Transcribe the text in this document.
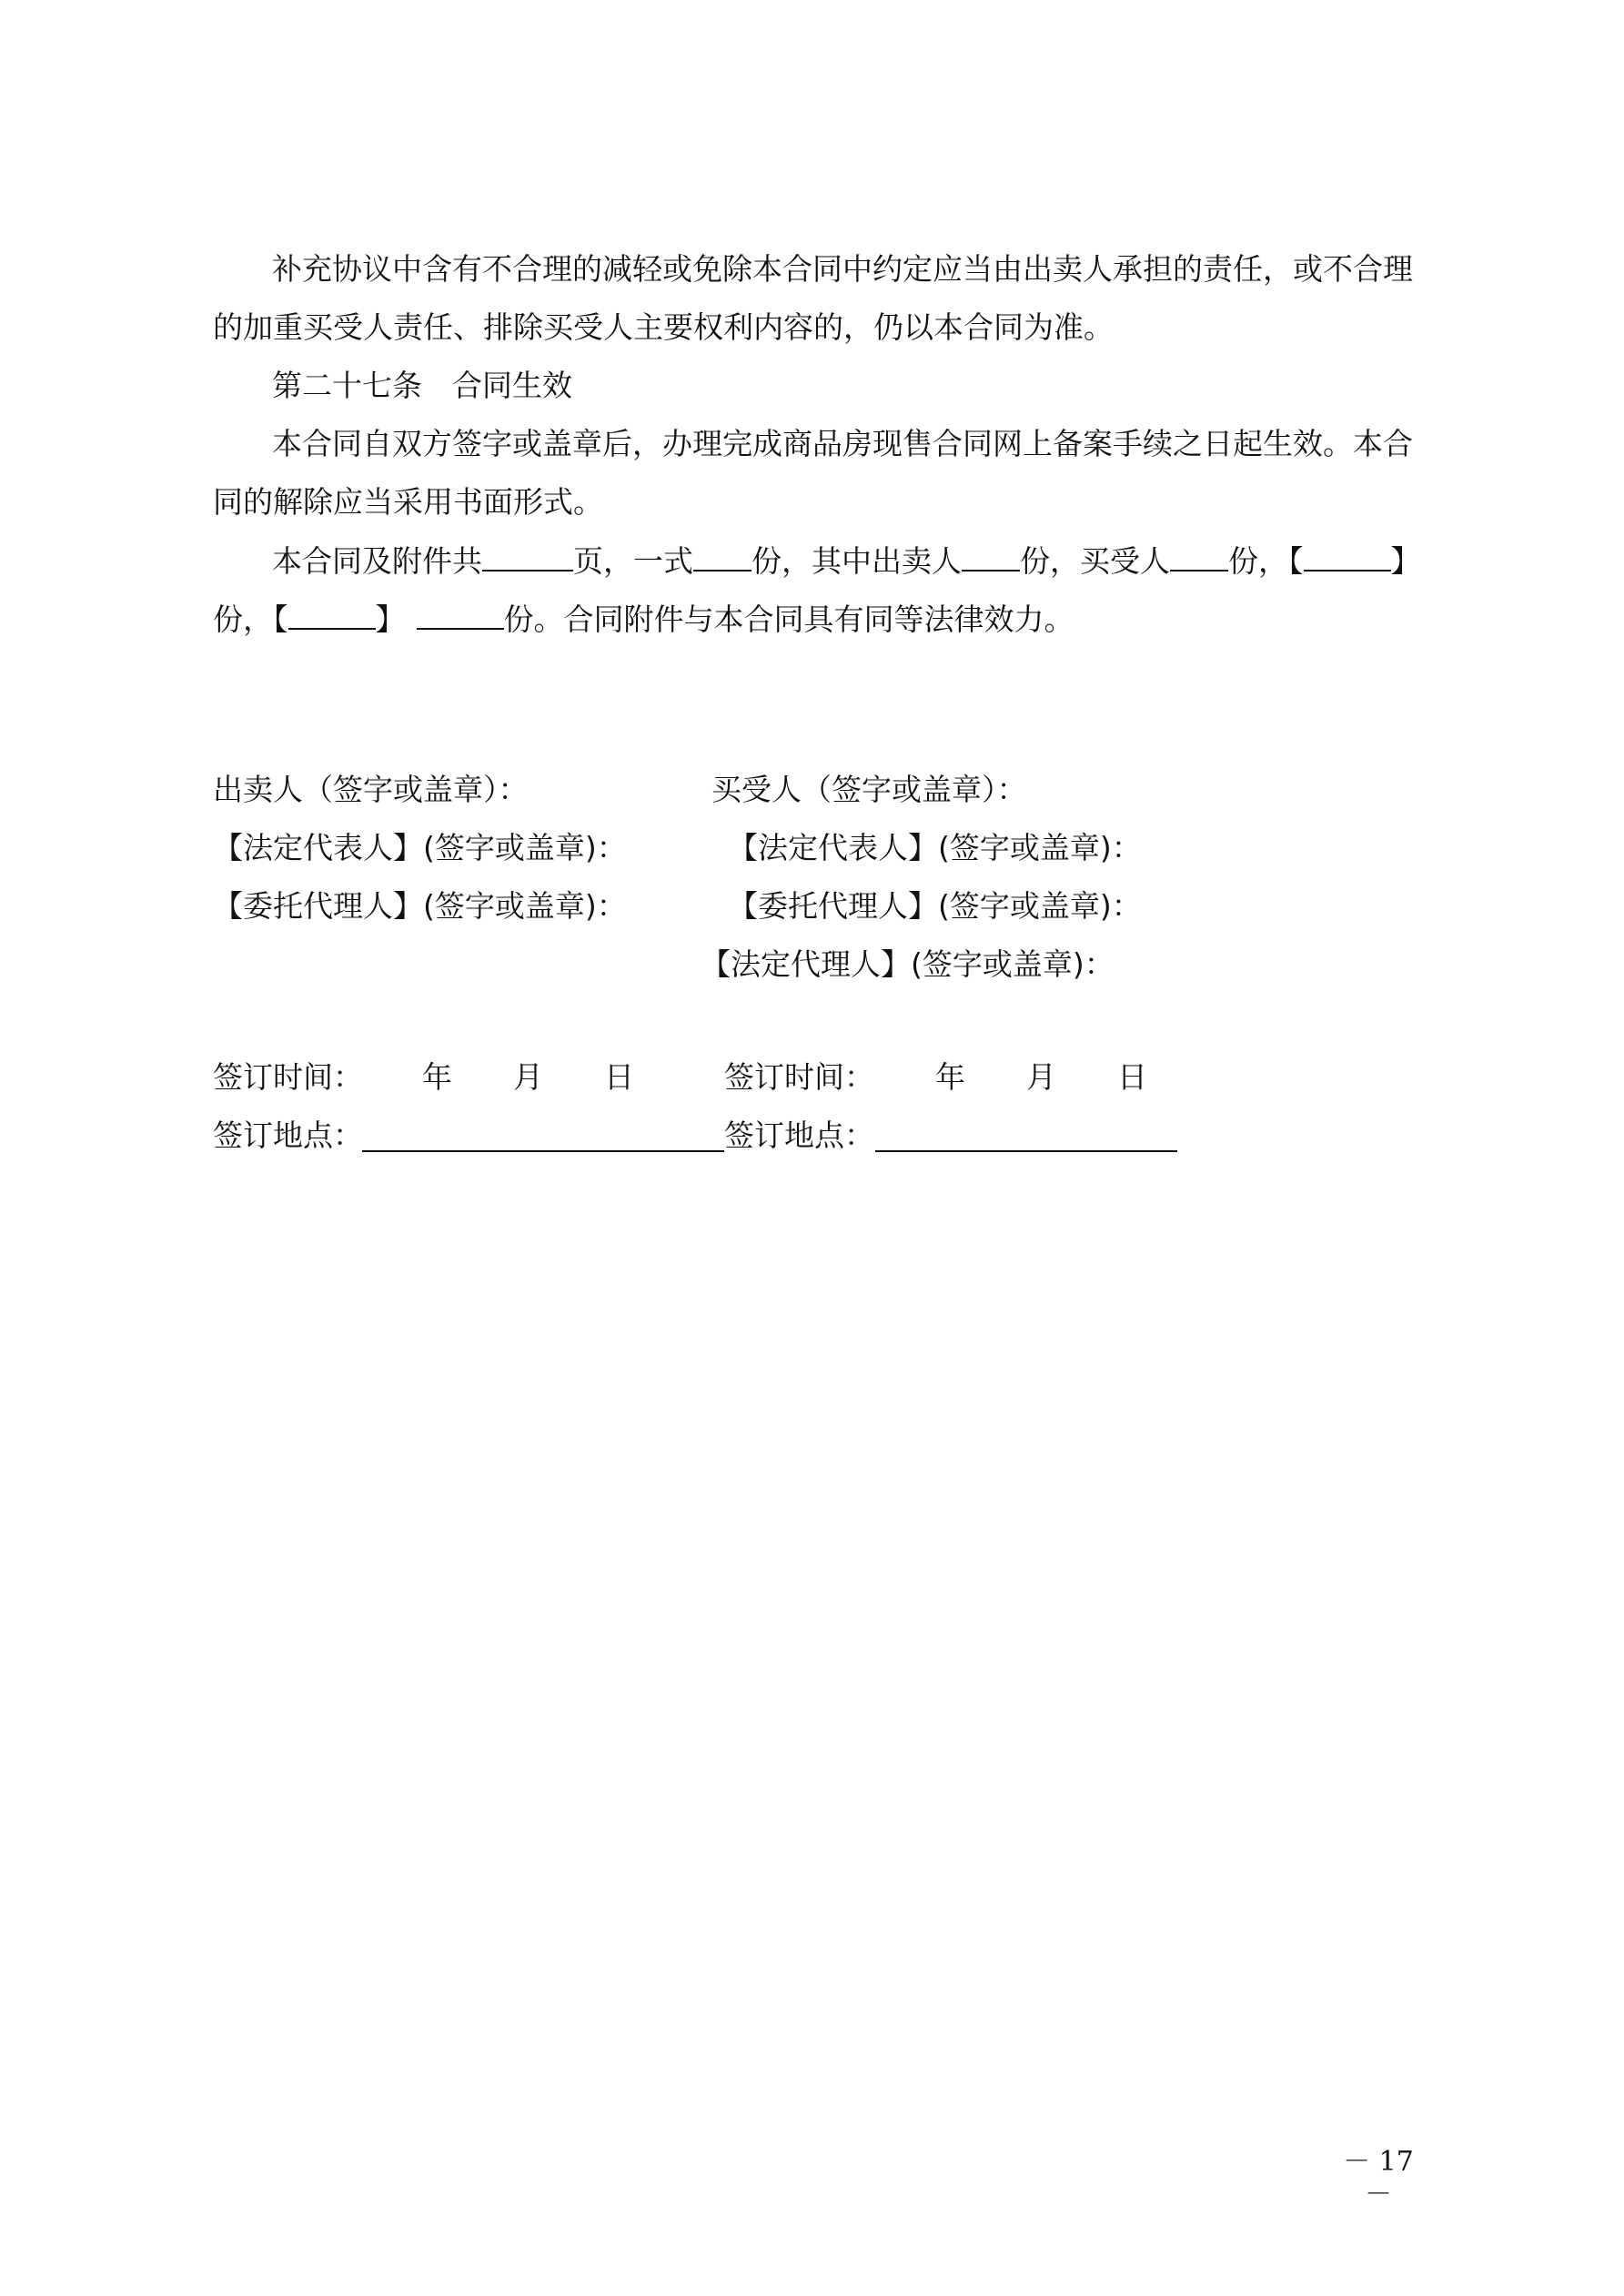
补充协议中含有不合理的减轻或免除本合同中约定应当由出卖人承担的责任，或不合理
的加重买受人责任、排除买受人主要权利内容的，仍以本合同为准。
第二十七条　合同生效
本合同自双方签字或盖章后，办理完成商品房现售合同网上备案手续之日起生效。本合
同的解除应当采用书面形式。
本合同及附件共	页，一式 份，其中出卖人 份，买受人 份，【	】
份，【	】	份。合同附件与本合同具有同等法律效力。
出卖人（签字或盖章）：
【法定代表人】(签字或盖章)：
【委托代理人】(签字或盖章)：
买受人（签字或盖章）：
【法定代表人】(签字或盖章)：
【委托代理人】(签字或盖章)：
【法定代理人】(签字或盖章)：
签订时间： 年 月 日	签订时间： 年 月 日
签订地点：	签订地点：
－ 17 －
